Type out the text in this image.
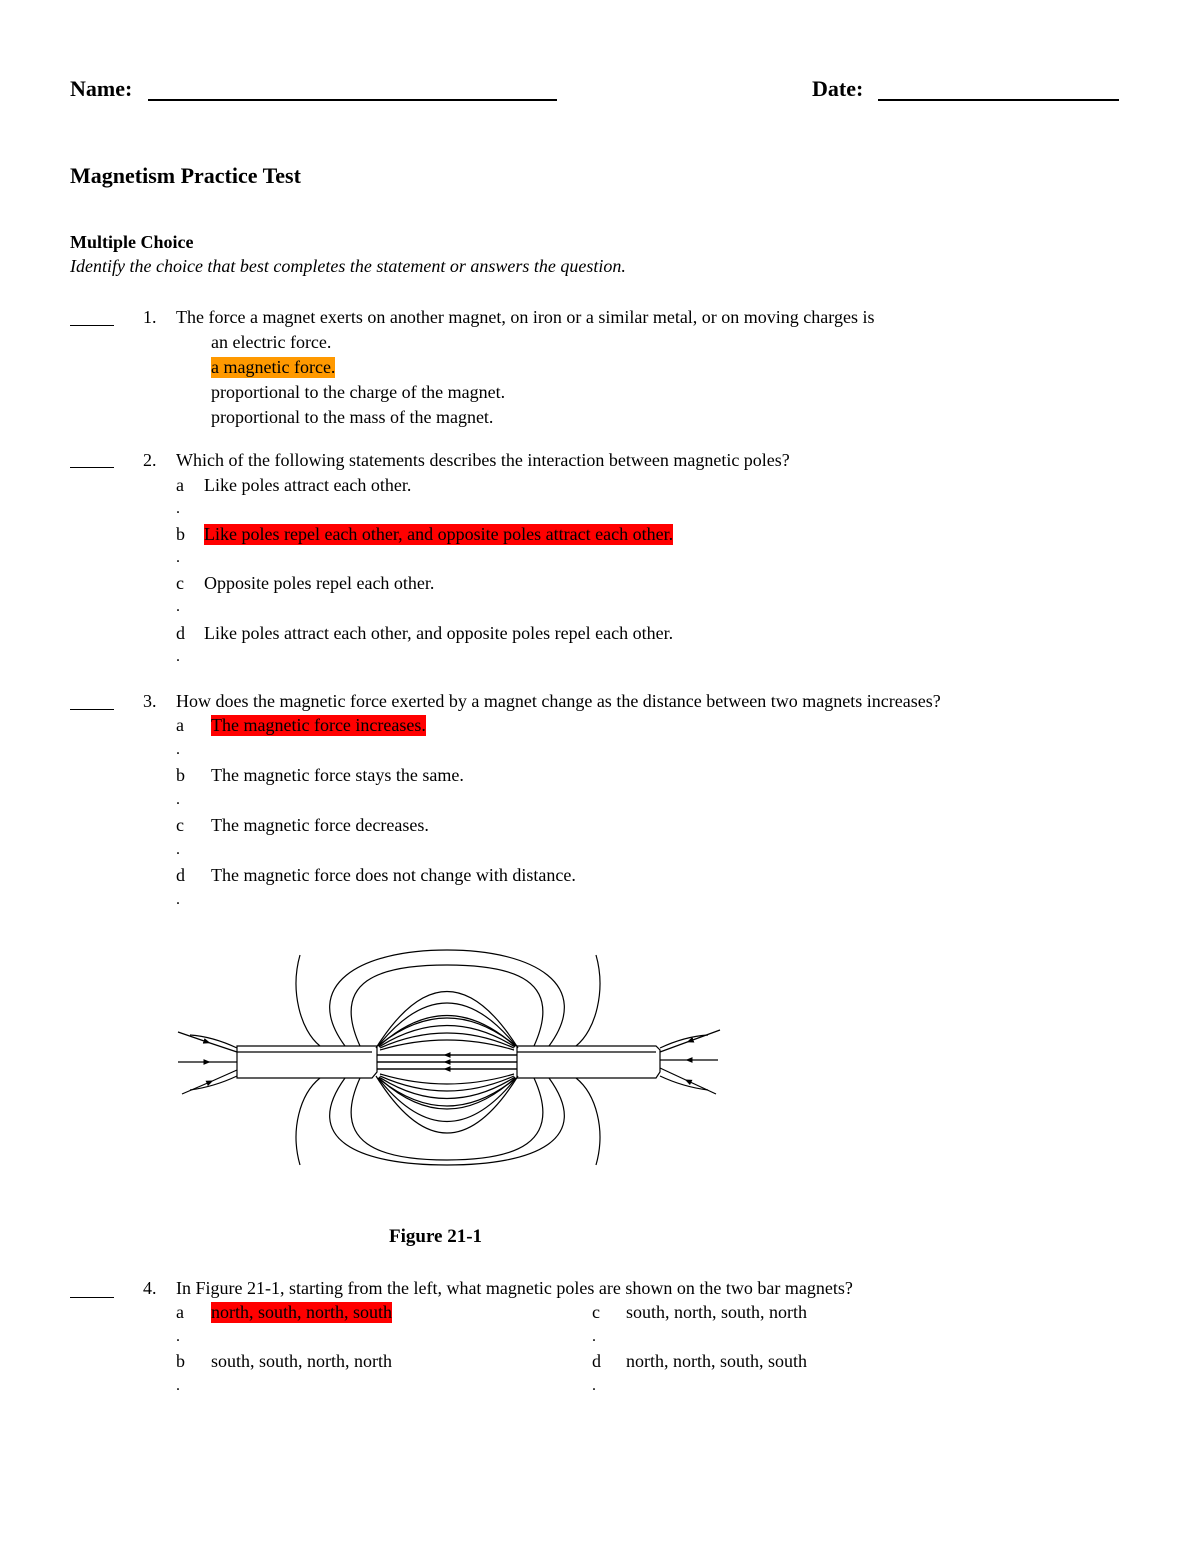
Name:	Date:
Magnetism Practice Test
Multiple Choice
Identify the choice that best completes the statement or answers the question.
1. The force a magnet exerts on another magnet, on iron or a similar metal, or on moving charges is
an electric force.
a magnetic force.
proportional to the charge of the magnet.
proportional to the mass of the magnet.
2. Which of the following statements describes the interaction between magnetic poles?
a Like poles attract each other.
.
b Like poles repel each other, and opposite poles attract each other.
.
c Opposite poles repel each other.
.
d Like poles attract each other, and opposite poles repel each other.
.
3. How does the magnetic force exerted by a magnet change as the distance between two magnets increases?
a The magnetic force increases.
.
b The magnetic force stays the same.
.
c The magnetic force decreases.
.
d The magnetic force does not change with distance.
.
Figure 21-1
4. In Figure 21-1, starting from the left, what magnetic poles are shown on the two bar magnets?
a north, south, north, south
.
b south, south, north, north
.
c south, north, south, north
.
d north, north, south, south
.
